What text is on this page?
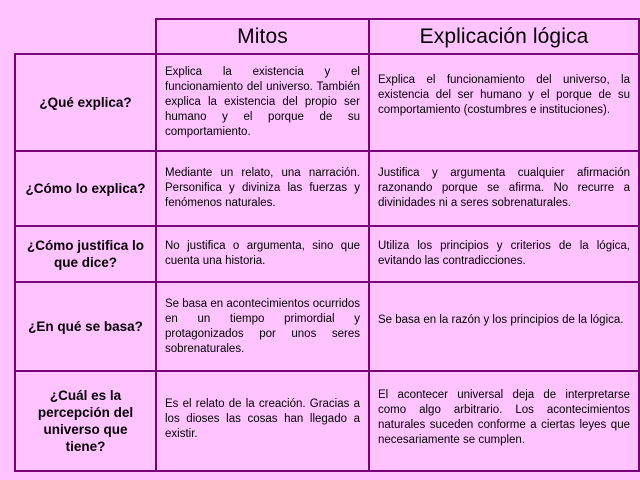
Mitos	Explicación lógica
¿Qué explica?
Explica la existencia y el funcionamiento del universo. También explica la existencia del propio ser humano y el porque de su comportamiento.
Explica el funcionamiento del universo, la existencia del ser humano y el porque de su comportamiento (costumbres e instituciones).
¿Cómo lo explica?
Mediante un relato, una narración. Personifica y diviniza las fuerzas y fenómenos naturales.
Justifica y argumenta cualquier afirmación razonando porque se afirma. No recurre a divinidades ni a seres sobrenaturales.
¿Cómo justifica lo que dice?
No justifica o argumenta, sino que cuenta una historia.
Utiliza los principios y criterios de la lógica, evitando las contradicciones.
¿En qué se basa?
Se basa en acontecimientos ocurridos en un tiempo primordial y protagonizados por unos seres sobrenaturales.
Se basa en la razón y los principios de la lógica.
¿Cuál es la percepción del universo que tiene?
Es el relato de la creación. Gracias a los dioses las cosas han llegado a existir.
El acontecer universal deja de interpretarse como algo arbitrario. Los acontecimientos naturales suceden conforme a ciertas leyes que necesariamente se cumplen.
